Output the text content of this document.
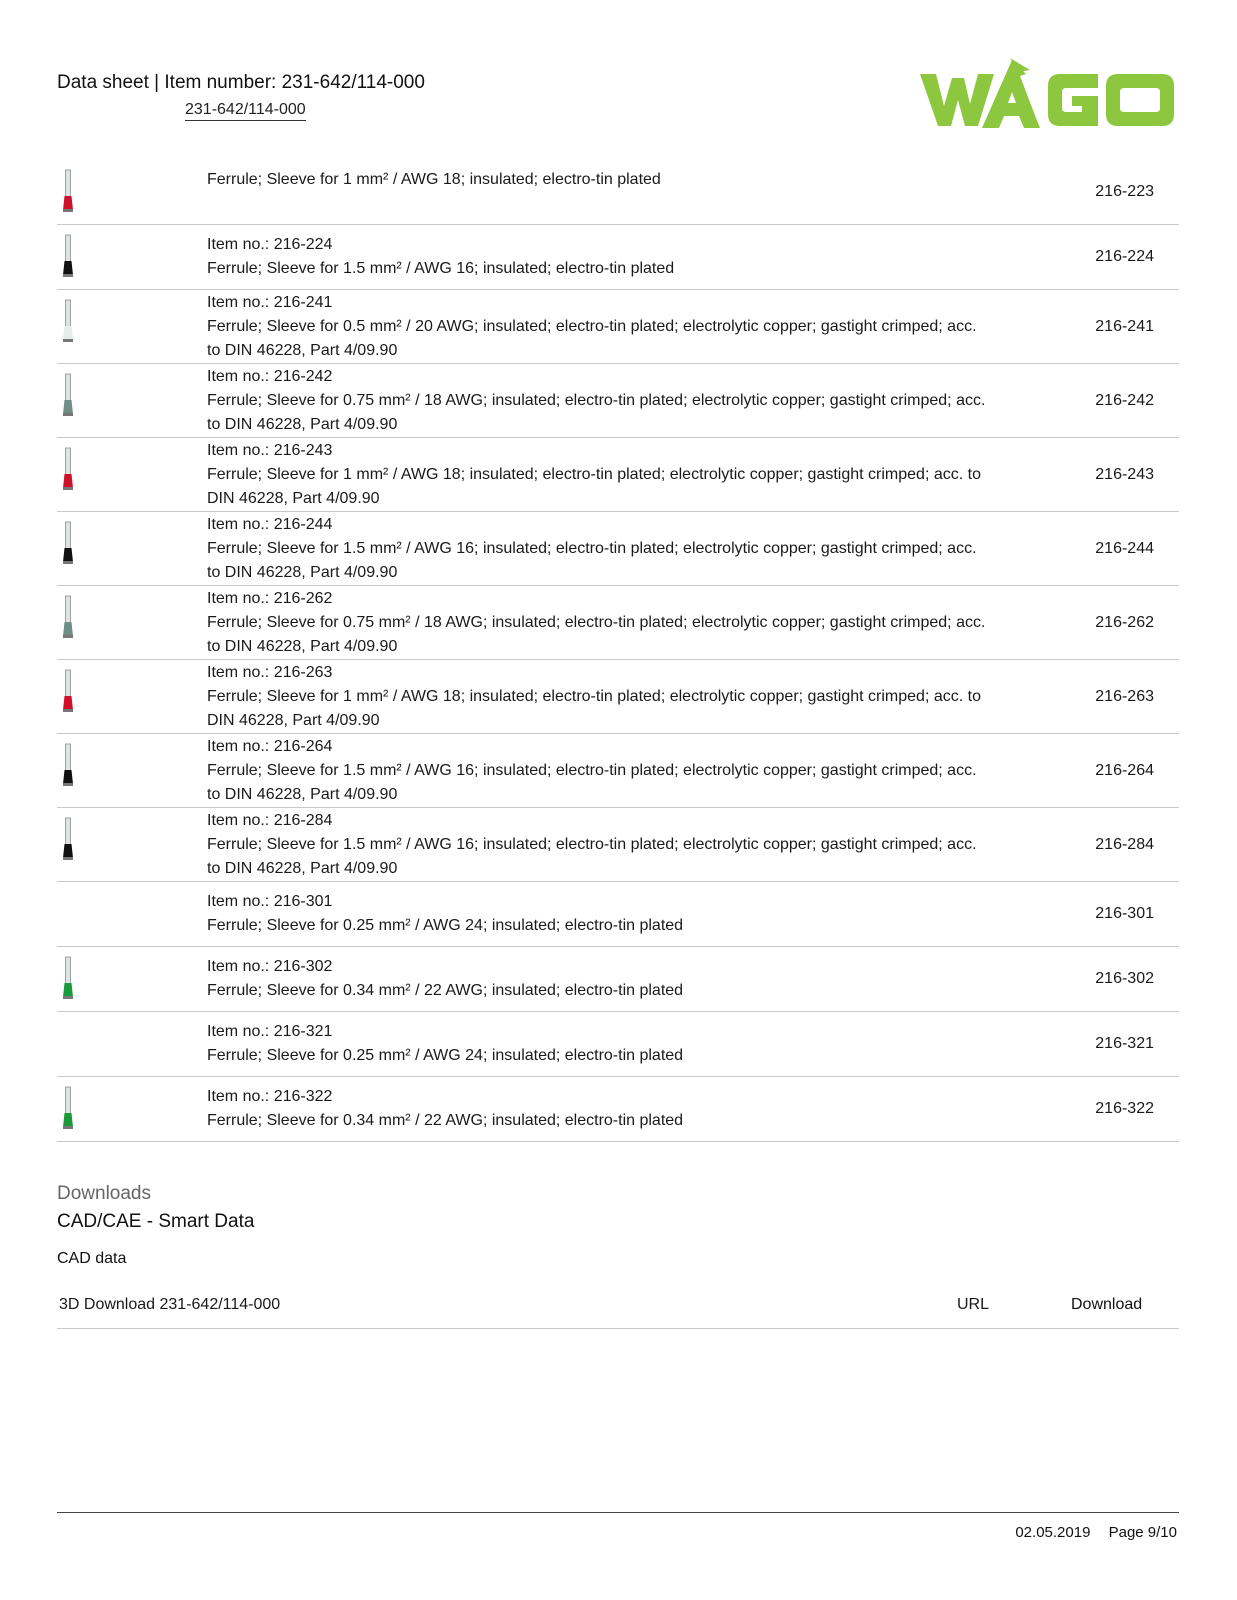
Data sheet | Item number: 231-642/114-000
231-642/114-000
Ferrule; Sleeve for 1 mm² / AWG 18; insulated; electro-tin plated
216-223
Item no.: 216-224
Ferrule; Sleeve for 1.5 mm² / AWG 16; insulated; electro-tin plated
216-224
Item no.: 216-241
Ferrule; Sleeve for 0.5 mm² / 20 AWG; insulated; electro-tin plated; electrolytic copper; gastight crimped; acc. to DIN 46228, Part 4/09.90
216-241
Item no.: 216-242
Ferrule; Sleeve for 0.75 mm² / 18 AWG; insulated; electro-tin plated; electrolytic copper; gastight crimped; acc. to DIN 46228, Part 4/09.90
216-242
Item no.: 216-243
Ferrule; Sleeve for 1 mm² / AWG 18; insulated; electro-tin plated; electrolytic copper; gastight crimped; acc. to DIN 46228, Part 4/09.90
216-243
Item no.: 216-244
Ferrule; Sleeve for 1.5 mm² / AWG 16; insulated; electro-tin plated; electrolytic copper; gastight crimped; acc. to DIN 46228, Part 4/09.90
216-244
Item no.: 216-262
Ferrule; Sleeve for 0.75 mm² / 18 AWG; insulated; electro-tin plated; electrolytic copper; gastight crimped; acc. to DIN 46228, Part 4/09.90
216-262
Item no.: 216-263
Ferrule; Sleeve for 1 mm² / AWG 18; insulated; electro-tin plated; electrolytic copper; gastight crimped; acc. to DIN 46228, Part 4/09.90
216-263
Item no.: 216-264
Ferrule; Sleeve for 1.5 mm² / AWG 16; insulated; electro-tin plated; electrolytic copper; gastight crimped; acc. to DIN 46228, Part 4/09.90
216-264
Item no.: 216-284
Ferrule; Sleeve for 1.5 mm² / AWG 16; insulated; electro-tin plated; electrolytic copper; gastight crimped; acc. to DIN 46228, Part 4/09.90
216-284
Item no.: 216-301
Ferrule; Sleeve for 0.25 mm² / AWG 24; insulated; electro-tin plated
216-301
Item no.: 216-302
Ferrule; Sleeve for 0.34 mm² / 22 AWG; insulated; electro-tin plated
216-302
Item no.: 216-321
Ferrule; Sleeve for 0.25 mm² / AWG 24; insulated; electro-tin plated
216-321
Item no.: 216-322
Ferrule; Sleeve for 0.34 mm² / 22 AWG; insulated; electro-tin plated
216-322
Downloads
CAD/CAE - Smart Data
CAD data
3D Download 231-642/114-000	URL	Download
02.05.2019 Page 9/10
